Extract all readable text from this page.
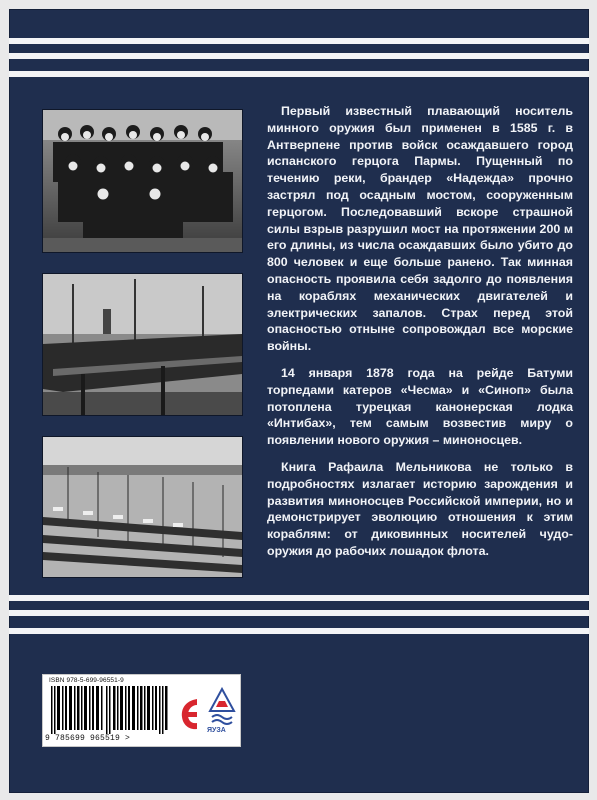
Первый известный плавающий носитель минного оружия был применен в 1585 г. в Антверпене против войск осаждавшего город испанского герцога Пармы. Пущенный по течению реки, брандер «Надежда» прочно застрял под осадным мостом, сооруженным герцогом. Последовавший вскоре страшной силы взрыв разрушил мост на протяжении 200 м его длины, из числа осаждавших было убито до 800 человек и еще больше ранено. Так минная опасность проявила себя задолго до появления на кораблях механических двигателей и электрических запалов. Страх перед этой опасностью отныне сопровождал все морские войны.

14 января 1878 года на рейде Батуми торпедами катеров «Чесма» и «Синоп» была потоплена турецкая канонерская лодка «Интибах», тем самым возвестив миру о появлении нового оружия – миноносцев.

Книга Рафаила Мельникова не только в подробностях излагает историю зарождения и развития миноносцев Российской империи, но и демонстрирует эволюцию отношения к этим кораблям: от диковинных носителей чудо-оружия до рабочих лошадок флота.

ISBN 978-5-699-96551-9
9 785699 965519 >
ЯУЗА
